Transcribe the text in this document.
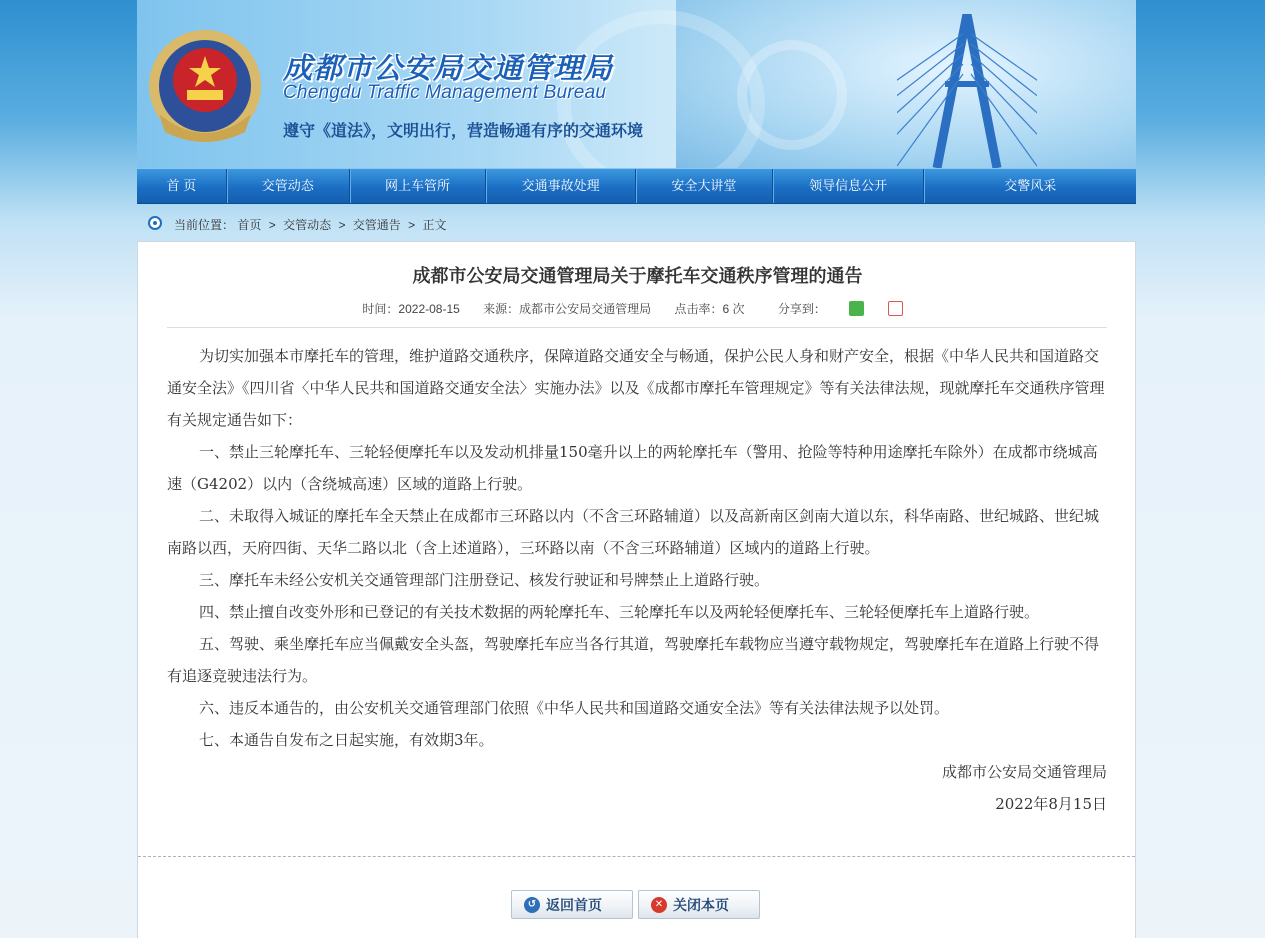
成都市公安局交通管理局
Chengdu Traffic Management Bureau
遵守《道法》，文明出行，营造畅通有序的交通环境
首 页	交管动态	网上车管所	交通事故处理	安全大讲堂	领导信息公开	交警风采
当前位置： 首页 > 交管动态 > 交管通告 > 正文
成都市公安局交通管理局关于摩托车交通秩序管理的通告
时间：2022-08-15 来源：成都市公安局交通管理局 点击率：6 次	分享到：

为切实加强本市摩托车的管理，维护道路交通秩序，保障道路交通安全与畅通，保护公民人身和财产安全，根据《中华人民共和国道路交通安全法》《四川省〈中华人民共和国道路交通安全法〉实施办法》以及《成都市摩托车管理规定》等有关法律法规，现就摩托车交通秩序管理有关规定通告如下：

一、禁止三轮摩托车、三轮轻便摩托车以及发动机排量150毫升以上的两轮摩托车（警用、抢险等特种用途摩托车除外）在成都市绕城高速（G4202）以内（含绕城高速）区域的道路上行驶。

二、未取得入城证的摩托车全天禁止在成都市三环路以内（不含三环路辅道）以及高新南区剑南大道以东，科华南路、世纪城路、世纪城南路以西，天府四街、天华二路以北（含上述道路），三环路以南（不含三环路辅道）区域内的道路上行驶。

三、摩托车未经公安机关交通管理部门注册登记、核发行驶证和号牌禁止上道路行驶。

四、禁止擅自改变外形和已登记的有关技术数据的两轮摩托车、三轮摩托车以及两轮轻便摩托车、三轮轻便摩托车上道路行驶。

五、驾驶、乘坐摩托车应当佩戴安全头盔，驾驶摩托车应当各行其道，驾驶摩托车载物应当遵守载物规定，驾驶摩托车在道路上行驶不得有追逐竞驶违法行为。

六、违反本通告的，由公安机关交通管理部门依照《中华人民共和国道路交通安全法》等有关法律法规予以处罚。

七、本通告自发布之日起实施，有效期3年。

成都市公安局交通管理局

2022年8月15日

↺ 返回首页	✕ 关闭本页
